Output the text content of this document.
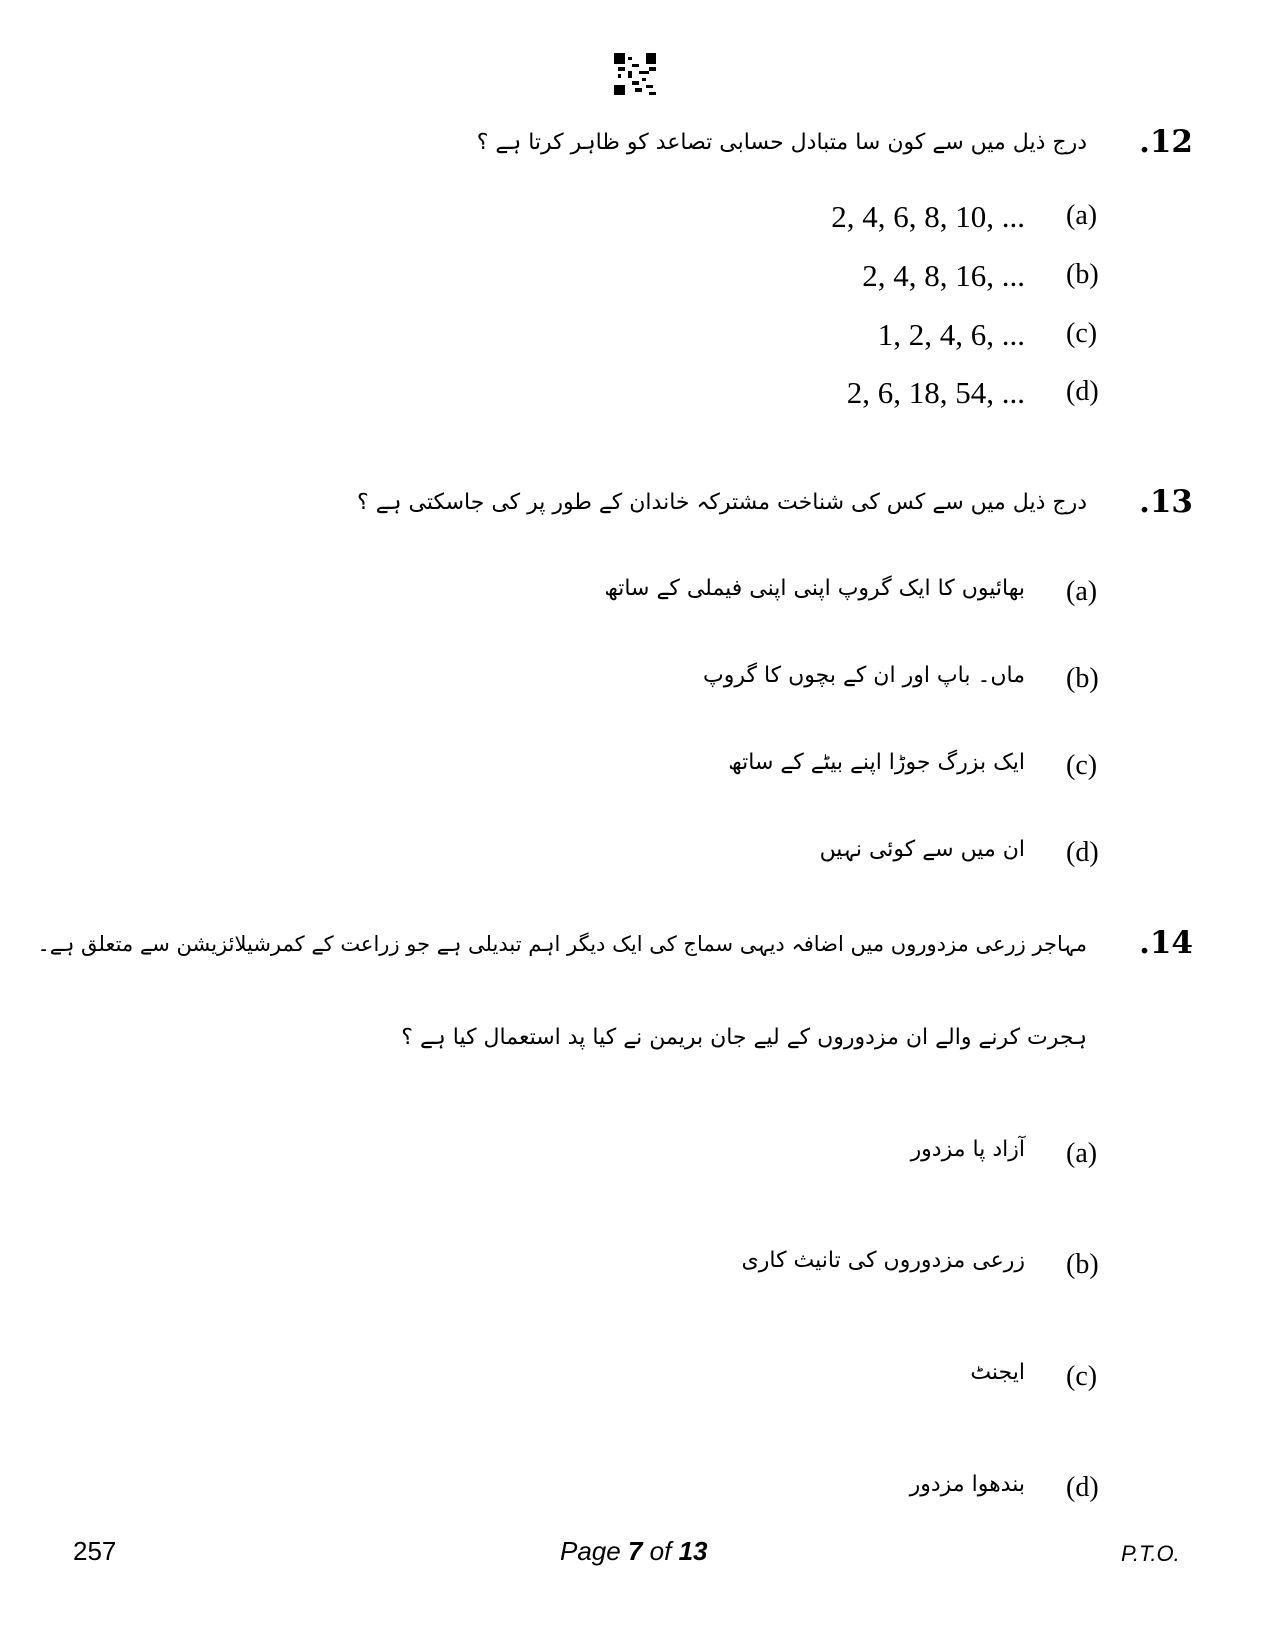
.12
درج ذیل میں سے کون سا متبادل حسابی تصاعد کو ظاہر کرتا ہے ؟
2, 4, 6, 8, 10, ... (a)
2, 4, 8, 16, ... (b)
1, 2, 4, 6, ... (c)
2, 6, 18, 54, ... (d)
.13
درج ذیل میں سے کس کی شناخت مشترکہ خاندان کے طور پر کی جاسکتی ہے ؟
بھائیوں کا ایک گروپ اپنی اپنی فیملی کے ساتھ (a)
ماں۔ باپ اور ان کے بچوں کا گروپ (b)
ایک بزرگ جوڑا اپنے بیٹے کے ساتھ (c)
ان میں سے کوئی نہیں (d)
.14
مہاجر زرعی مزدوروں میں اضافہ دیہی سماج کی ایک دیگر اہم تبدیلی ہے جو زراعت کے کمرشیلائزیشن سے متعلق ہے۔
ہجرت کرنے والے ان مزدوروں کے لیے جان بریمن نے کیا پد استعمال کیا ہے ؟
آزاد پا مزدور (a)
زرعی مزدوروں کی تانیث کاری (b)
ایجنٹ (c)
بندھوا مزدور (d)
257	Page 7 of 13	P.T.O.
